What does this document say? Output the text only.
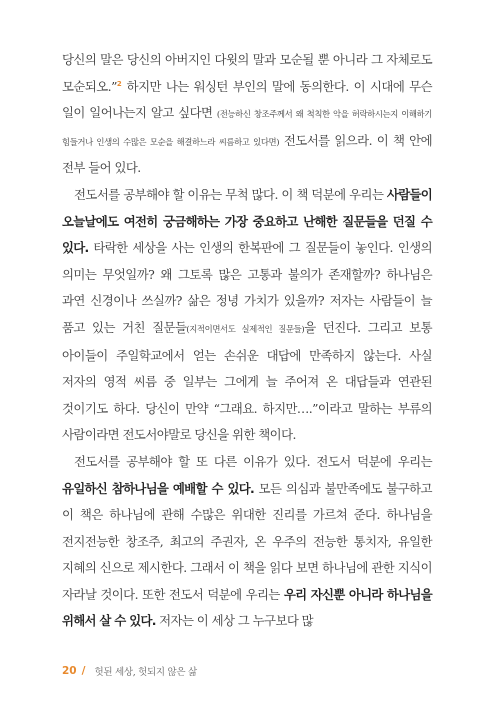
당신의 말은 당신의 아버지인 다윗의 말과 모순될 뿐 아니라 그 자체로도 모순되오.”$^2$ 하지만 나는 워싱턴 부인의 말에 동의한다. 이 시대에 무슨 일이 일어나는지 알고 싶다면 (전능하신 창조주께서 왜 척칙한 악을 허락하시는지 이해하기 힘들거나 인생의 수많은 모순을 해결하느라 씨름하고 있다면) 전도서를 읽으라. 이 책 안에 전부 들어 있다.

전도서를 공부해야 할 이유는 무척 많다. 이 책 덕분에 우리는 사람들이 오늘날에도 여전히 궁금해하는 가장 중요하고 난해한 질문들을 던질 수 있다. 타락한 세상을 사는 인생의 한복판에 그 질문들이 놓인다. 인생의 의미는 무엇일까? 왜 그토록 많은 고통과 불의가 존재할까? 하나님은 과연 신경이나 쓰실까? 삶은 정녕 가치가 있을까? 저자는 사람들이 늘 품고 있는 거친 질문들(지적이면서도 실제적인 질문들)을 던진다. 그리고 보통 아이들이 주일학교에서 얻는 손쉬운 대답에 만족하지 않는다. 사실 저자의 영적 씨름 중 일부는 그에게 늘 주어져 온 대답들과 연관된 것이기도 하다. 당신이 만약 “그래요. 하지만….”이라고 말하는 부류의 사람이라면 전도서야말로 당신을 위한 책이다.

전도서를 공부해야 할 또 다른 이유가 있다. 전도서 덕분에 우리는 유일하신 참하나님을 예배할 수 있다. 모든 의심과 불만족에도 불구하고 이 책은 하나님에 관해 수많은 위대한 진리를 가르쳐 준다. 하나님을 전지전능한 창조주, 최고의 주권자, 온 우주의 전능한 통치자, 유일한 지혜의 신으로 제시한다. 그래서 이 책을 읽다 보면 하나님에 관한 지식이 자라날 것이다. 또한 전도서 덕분에 우리는 우리 자신뿐 아니라 하나님을 위해서 살 수 있다. 저자는 이 세상 그 누구보다 많

20 / 헛된 세상, 헛되지 않은 삶
